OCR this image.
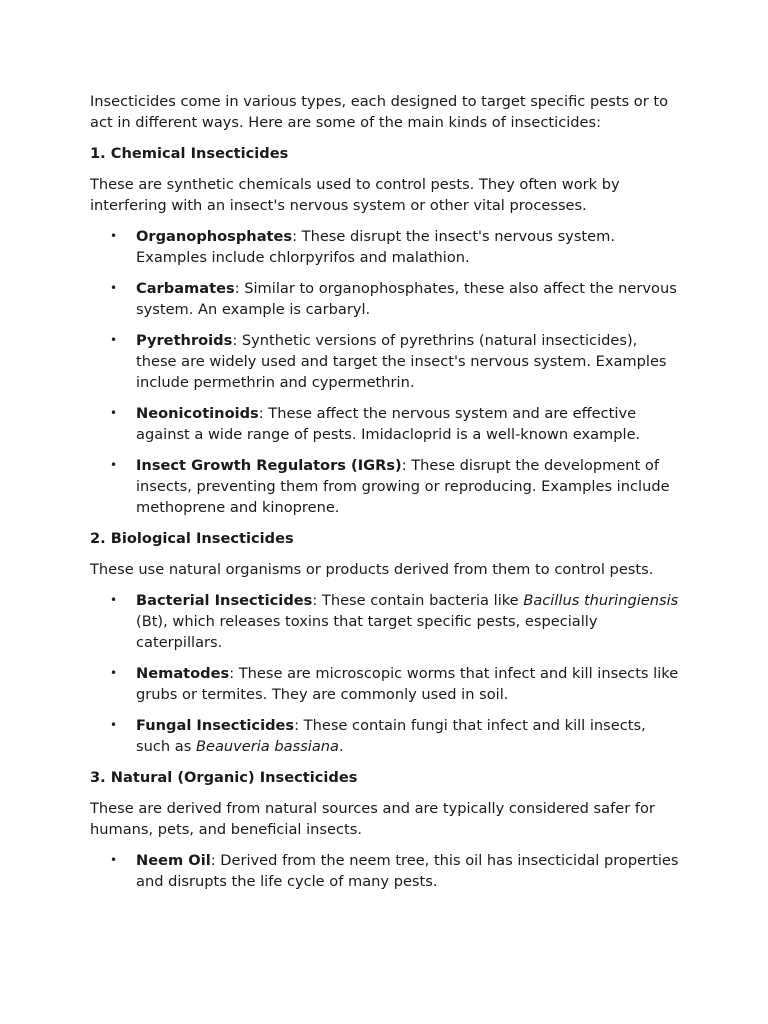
Insecticides come in various types, each designed to target specific pests or to act in different ways. Here are some of the main kinds of insecticides:

1. Chemical Insecticides

These are synthetic chemicals used to control pests. They often work by interfering with an insect's nervous system or other vital processes.

• Organophosphates: These disrupt the insect's nervous system. Examples include chlorpyrifos and malathion.
• Carbamates: Similar to organophosphates, these also affect the nervous system. An example is carbaryl.
• Pyrethroids: Synthetic versions of pyrethrins (natural insecticides), these are widely used and target the insect's nervous system. Examples include permethrin and cypermethrin.
• Neonicotinoids: These affect the nervous system and are effective against a wide range of pests. Imidacloprid is a well-known example.
• Insect Growth Regulators (IGRs): These disrupt the development of insects, preventing them from growing or reproducing. Examples include methoprene and kinoprene.
2. Biological Insecticides

These use natural organisms or products derived from them to control pests.

• Bacterial Insecticides: These contain bacteria like Bacillus thuringiensis (Bt), which releases toxins that target specific pests, especially caterpillars.
• Nematodes: These are microscopic worms that infect and kill insects like grubs or termites. They are commonly used in soil.
• Fungal Insecticides: These contain fungi that infect and kill insects, such as Beauveria bassiana.
3. Natural (Organic) Insecticides

These are derived from natural sources and are typically considered safer for humans, pets, and beneficial insects.

• Neem Oil: Derived from the neem tree, this oil has insecticidal properties and disrupts the life cycle of many pests.
